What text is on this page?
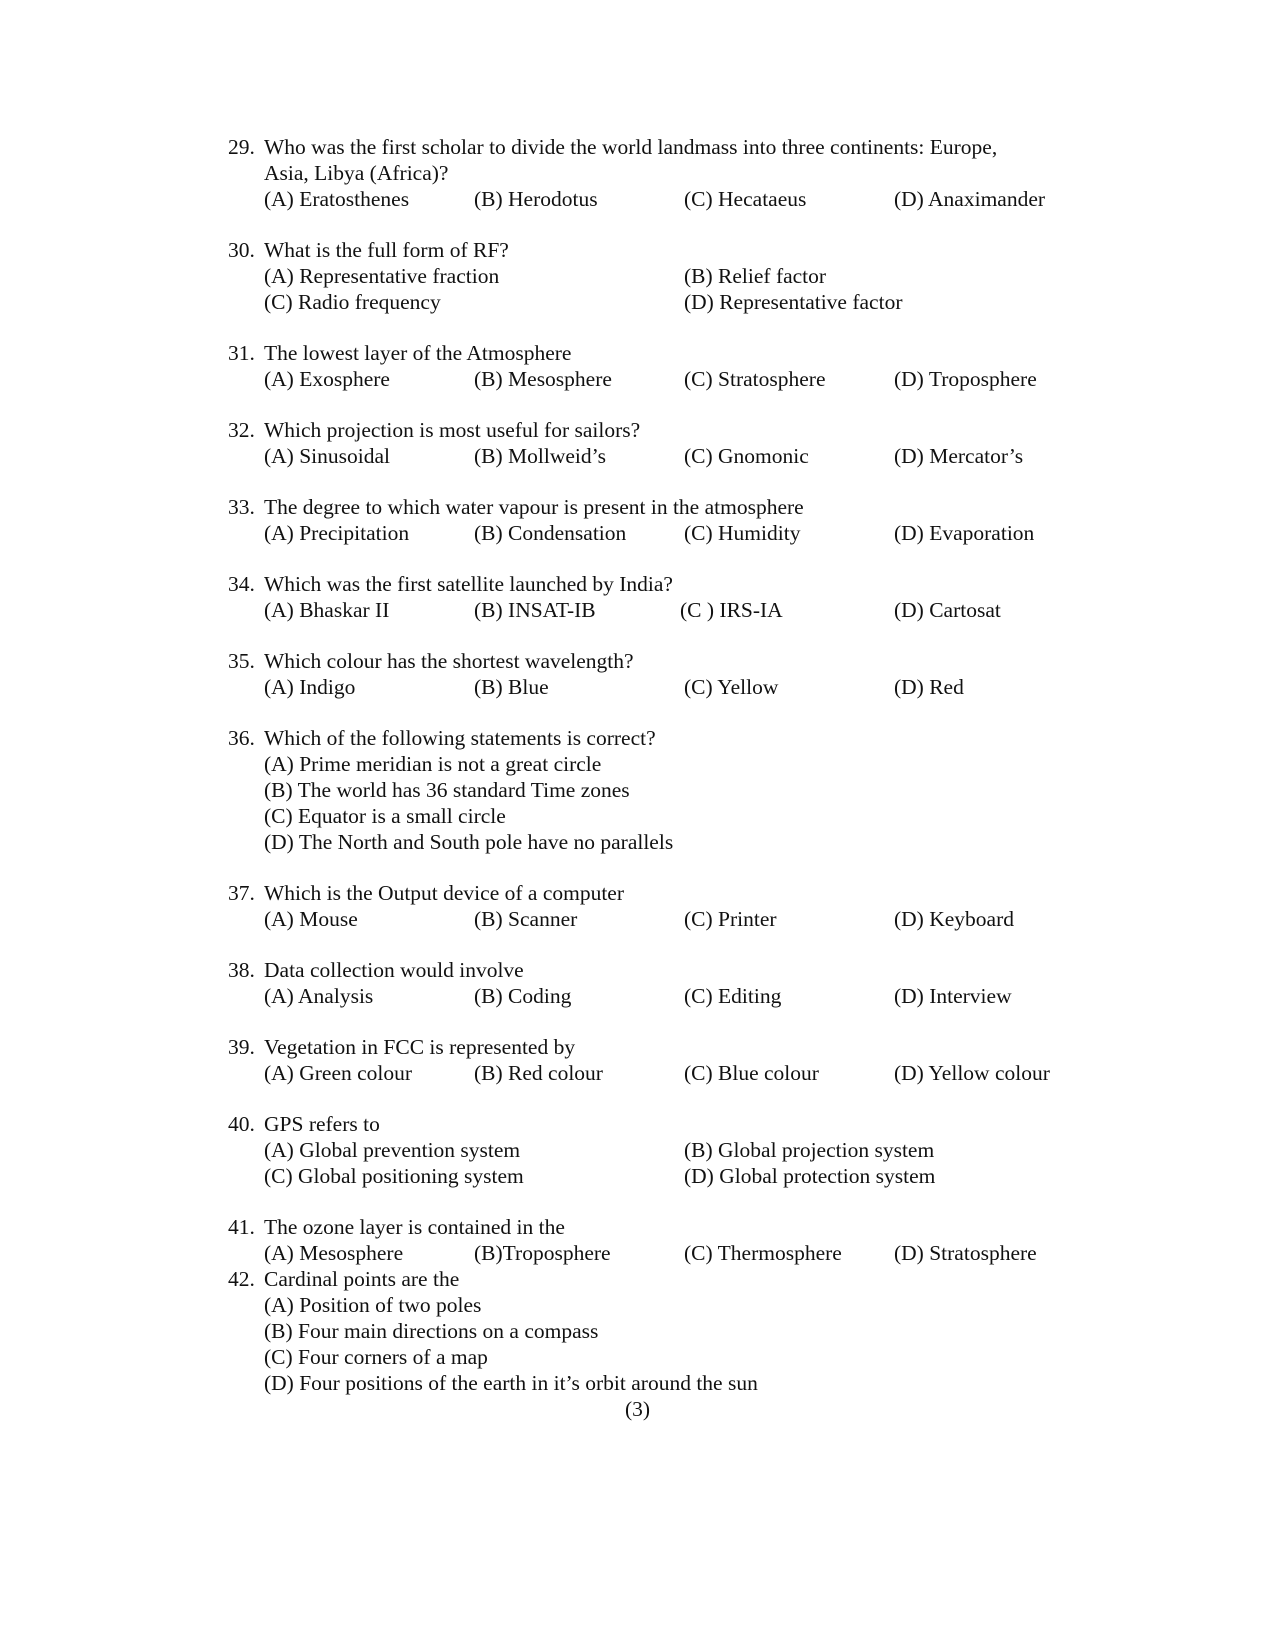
29. Who was the first scholar to divide the world landmass into three continents: Europe,
Asia, Libya (Africa)?
(A) Eratosthenes	(B) Herodotus	(C) Hecataeus	(D) Anaximander
30. What is the full form of RF?
(A) Representative fraction	(B) Relief factor
(C) Radio frequency	(D) Representative factor
31. The lowest layer of the Atmosphere
(A) Exosphere	(B) Mesosphere	(C) Stratosphere	(D) Troposphere
32. Which projection is most useful for sailors?
(A) Sinusoidal	(B) Mollweid’s	(C) Gnomonic	(D) Mercator’s
33. The degree to which water vapour is present in the atmosphere
(A) Precipitation	(B) Condensation	(C) Humidity	(D) Evaporation
34. Which was the first satellite launched by India?
(A) Bhaskar II	(B) INSAT-IB	(C ) IRS-IA	(D) Cartosat
35. Which colour has the shortest wavelength?
(A) Indigo	(B) Blue	(C) Yellow	(D) Red
36. Which of the following statements is correct?
(A) Prime meridian is not a great circle
(B) The world has 36 standard Time zones
(C) Equator is a small circle
(D) The North and South pole have no parallels
37. Which is the Output device of a computer
(A) Mouse	(B) Scanner	(C) Printer	(D) Keyboard
38. Data collection would involve
(A) Analysis	(B) Coding	(C) Editing	(D) Interview
39. Vegetation in FCC is represented by
(A) Green colour	(B) Red colour	(C) Blue colour	(D) Yellow colour
40. GPS refers to
(A) Global prevention system	(B) Global projection system
(C) Global positioning system	(D) Global protection system
41. The ozone layer is contained in the
(A) Mesosphere	(B)Troposphere	(C) Thermosphere (D) Stratosphere
42. Cardinal points are the
(A) Position of two poles
(B) Four main directions on a compass
(C) Four corners of a map
(D) Four positions of the earth in it’s orbit around the sun
(3)
